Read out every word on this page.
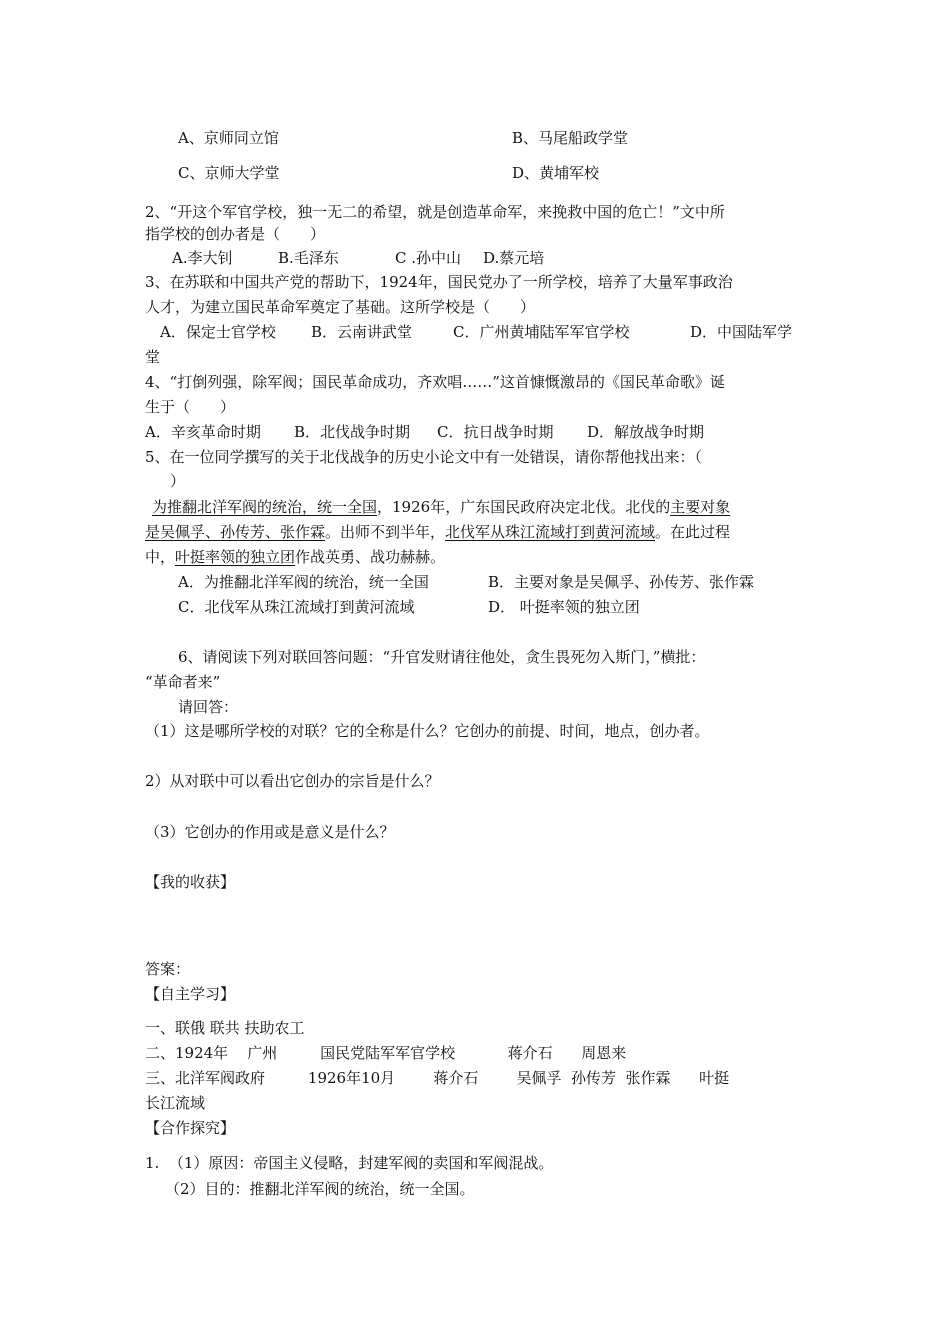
A、京师同立馆	B、马尾船政学堂
C、京师大学堂	D、黄埔军校
2、“开这个军官学校，独一无二的希望，就是创造革命军，来挽救中国的危亡！”文中所
指学校的创办者是（　　）
A.李大钊	B.毛泽东	C .孙中山 D.蔡元培
3、在苏联和中国共产党的帮助下，1924年，国民党办了一所学校，培养了大量军事政治
人才，为建立国民革命军奠定了基础。这所学校是（　　）
A．保定士官学校 B．云南讲武堂	C．广州黄埔陆军军官学校	D．中国陆军学
堂
4、“打倒列强，除军阀；国民革命成功，齐欢唱……”这首慷慨激昂的《国民革命歌》诞
生于（　　）
A．辛亥革命时期 B．北伐战争时期 C．抗日战争时期 D．解放战争时期
5、在一位同学撰写的关于北伐战争的历史小论文中有一处错误，请你帮他找出来：（
）
为推翻北洋军阀的统治，统一全国，1926年，广东国民政府决定北伐。北伐的主要对象
是吴佩孚、孙传芳、张作霖。出师不到半年，北伐军从珠江流域打到黄河流域。在此过程
中，叶挺率领的独立团作战英勇、战功赫赫。
A．为推翻北洋军阀的统治，统一全国	B．主要对象是吴佩孚、孙传芳、张作霖
C．北伐军从珠江流域打到黄河流域	D． 叶挺率领的独立团
6、请阅读下列对联回答问题：“升官发财请往他处，贪生畏死勿入斯门，”横批：
“革命者来”
请回答：
（1）这是哪所学校的对联？它的全称是什么？它创办的前提、时间，地点，创办者。
2）从对联中可以看出它创办的宗旨是什么？
（3）它创办的作用或是意义是什么？
【我的收获】
答案：
【自主学习】
一、联俄 联共 扶助农工
二、1924年    广州         国民党陆军军官学校           蒋介石      周恩来
三、北洋军阀政府         1926年10月        蒋介石        吴佩孚  孙传芳  张作霖      叶挺
长江流域
【合作探究】
1.  （1）原因：帝国主义侵略，封建军阀的卖国和军阀混战。
（2）目的：推翻北洋军阀的统治，统一全国。
